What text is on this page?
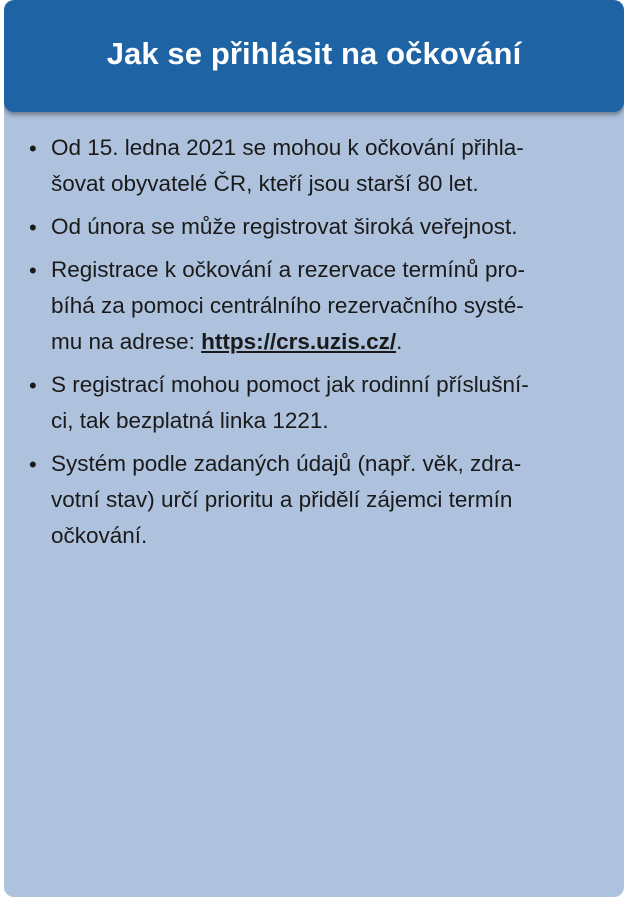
Jak se přihlásit na očkování
• Od 15. ledna 2021 se mohou k očkování přihla-
šovat obyvatelé ČR, kteří jsou starší 80 let.
• Od února se může registrovat široká veřejnost.
• Registrace k očkování a rezervace termínů pro-
bíhá za pomoci centrálního rezervačního systé-
mu na adrese: https://crs.uzis.cz/.
• S registrací mohou pomoct jak rodinní příslušní-
ci, tak bezplatná linka 1221.
• Systém podle zadaných údajů (např. věk, zdra-
votní stav) určí prioritu a přidělí zájemci termín
očkování.
